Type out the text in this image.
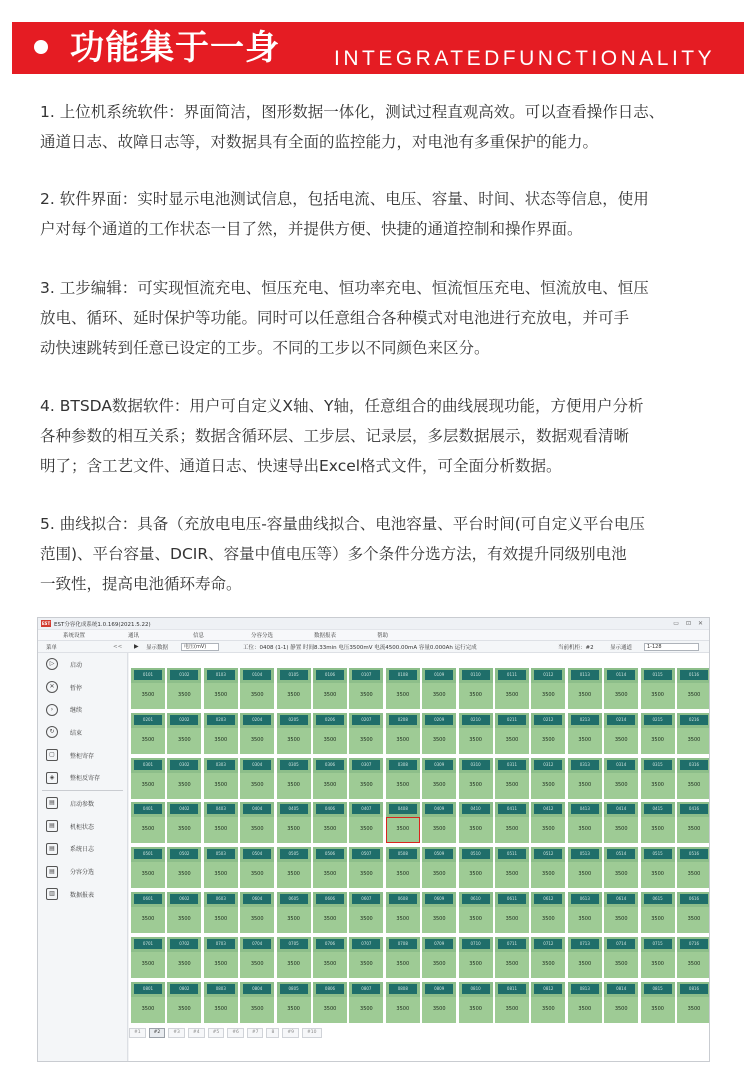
功能集于一身	INTEGRATEDFUNCTIONALITY

1. 上位机系统软件：界面简洁，图形数据一体化，测试过程直观高效。可以查看操作日志、

通道日志、故障日志等，对数据具有全面的监控能力，对电池有多重保护的能力。

2. 软件界面：实时显示电池测试信息，包括电流、电压、容量、时间、状态等信息，使用

户对每个通道的工作状态一目了然，并提供方便、快捷的通道控制和操作界面。

3. 工步编辑：可实现恒流充电、恒压充电、恒功率充电、恒流恒压充电、恒流放电、恒压

放电、循环、延时保护等功能。同时可以任意组合各种模式对电池进行充放电，并可手

动快速跳转到任意已设定的工步。不同的工步以不同颜色来区分。

4. BTSDA数据软件：用户可自定义X轴、Y轴，任意组合的曲线展现功能，方便用户分析

各种参数的相互关系；数据含循环层、工步层、记录层，多层数据展示，数据观看清晰

明了；含工艺文件、通道日志、快速导出Excel格式文件，可全面分析数据。

5. 曲线拟合：具备（充放电电压-容量曲线拟合、电池容量、平台时间(可自定义平台电压

范围)、平台容量、DCIR、容量中值电压等）多个条件分选方法，有效提升同级别电池

一致性，提高电池循环寿命。

EST EST分容化成系统1.0.169(2021.5.22)	▭ ⊡ ✕
系统设置	通讯	信息	分容分选	数据报表	帮助
菜单	<< ▶ 显示数据	电压(mV)	工位：0408 (1-1) 静置 时间8.33min 电压3500mV 电流4500.00mA 容量0.000Ah 运行完成	当前机柜：#2	显示通道	1-128
▷	启动
✕	暂停
›	继续
↻	结束
▢	整柜寄存
◈	整柜反寄存
▤	启动参数
▤	机柜状态
▤	系统日志
▤	分容分选
▥	数据报表
0101
3500
0102
3500
0103
3500
0104
3500
0105
3500
0106
3500
0107
3500
0108
3500
0109
3500
0110
3500
0111
3500
0112
3500
0113
3500
0114
3500
0115
3500
0116
3500
0201
3500
0202
3500
0203
3500
0204
3500
0205
3500
0206
3500
0207
3500
0208
3500
0209
3500
0210
3500
0211
3500
0212
3500
0213
3500
0214
3500
0215
3500
0216
3500
0301
3500
0302
3500
0303
3500
0304
3500
0305
3500
0306
3500
0307
3500
0308
3500
0309
3500
0310
3500
0311
3500
0312
3500
0313
3500
0314
3500
0315
3500
0316
3500
0401
3500
0402
3500
0403
3500
0404
3500
0405
3500
0406
3500
0407
3500
0408
3500
0409
3500
0410
3500
0411
3500
0412
3500
0413
3500
0414
3500
0415
3500
0416
3500
0501
3500
0502
3500
0503
3500
0504
3500
0505
3500
0506
3500
0507
3500
0508
3500
0509
3500
0510
3500
0511
3500
0512
3500
0513
3500
0514
3500
0515
3500
0516
3500
0601
3500
0602
3500
0603
3500
0604
3500
0605
3500
0606
3500
0607
3500
0608
3500
0609
3500
0610
3500
0611
3500
0612
3500
0613
3500
0614
3500
0615
3500
0616
3500
0701
3500
0702
3500
0703
3500
0704
3500
0705
3500
0706
3500
0707
3500
0708
3500
0709
3500
0710
3500
0711
3500
0712
3500
0713
3500
0714
3500
0715
3500
0716
3500
0801
3500
0802
3500
0803
3500
0804
3500
0805
3500
0806
3500
0807
3500
0808
3500
0809
3500
0810
3500
0811
3500
0812
3500
0813
3500
0814
3500
0815
3500
0816
3500
#1	#2	#3	#4	#5	#6	#7	8	#9	#10
